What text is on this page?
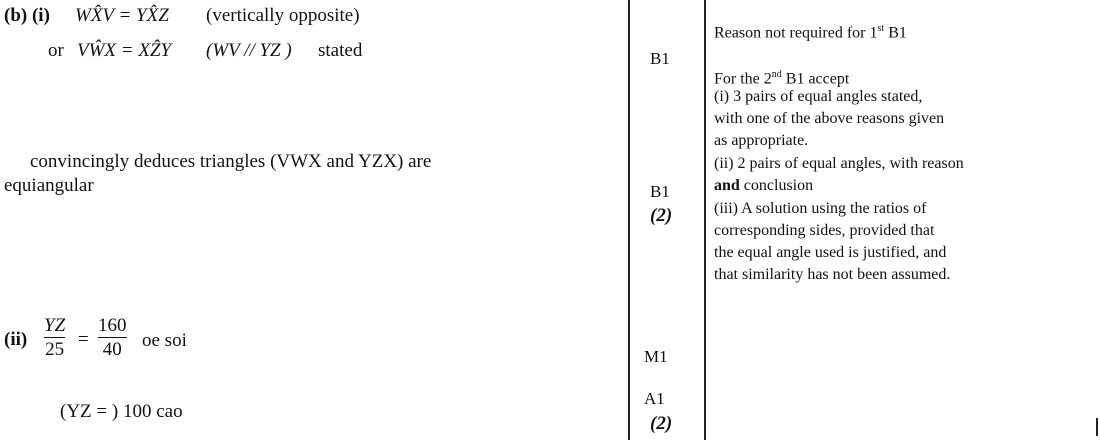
(b) (i) WX̂V = YX̂Z (vertically opposite)
or VŴX = XẐY (WV // YZ ) stated
convincingly deduces triangles (VWX and YZX) are
equiangular
(ii)
YZ
25 =
160
40 oe soi
(YZ = ) 100 cao
B1
B1
(2)
M1
A1
(2)
Reason not required for 1st B1
For the 2nd B1 accept
(i) 3 pairs of equal angles stated, with one of the above reasons given as appropriate.
(ii) 2 pairs of equal angles, with reason and conclusion
(iii) A solution using the ratios of corresponding sides, provided that the equal angle used is justified, and that similarity has not been assumed.
